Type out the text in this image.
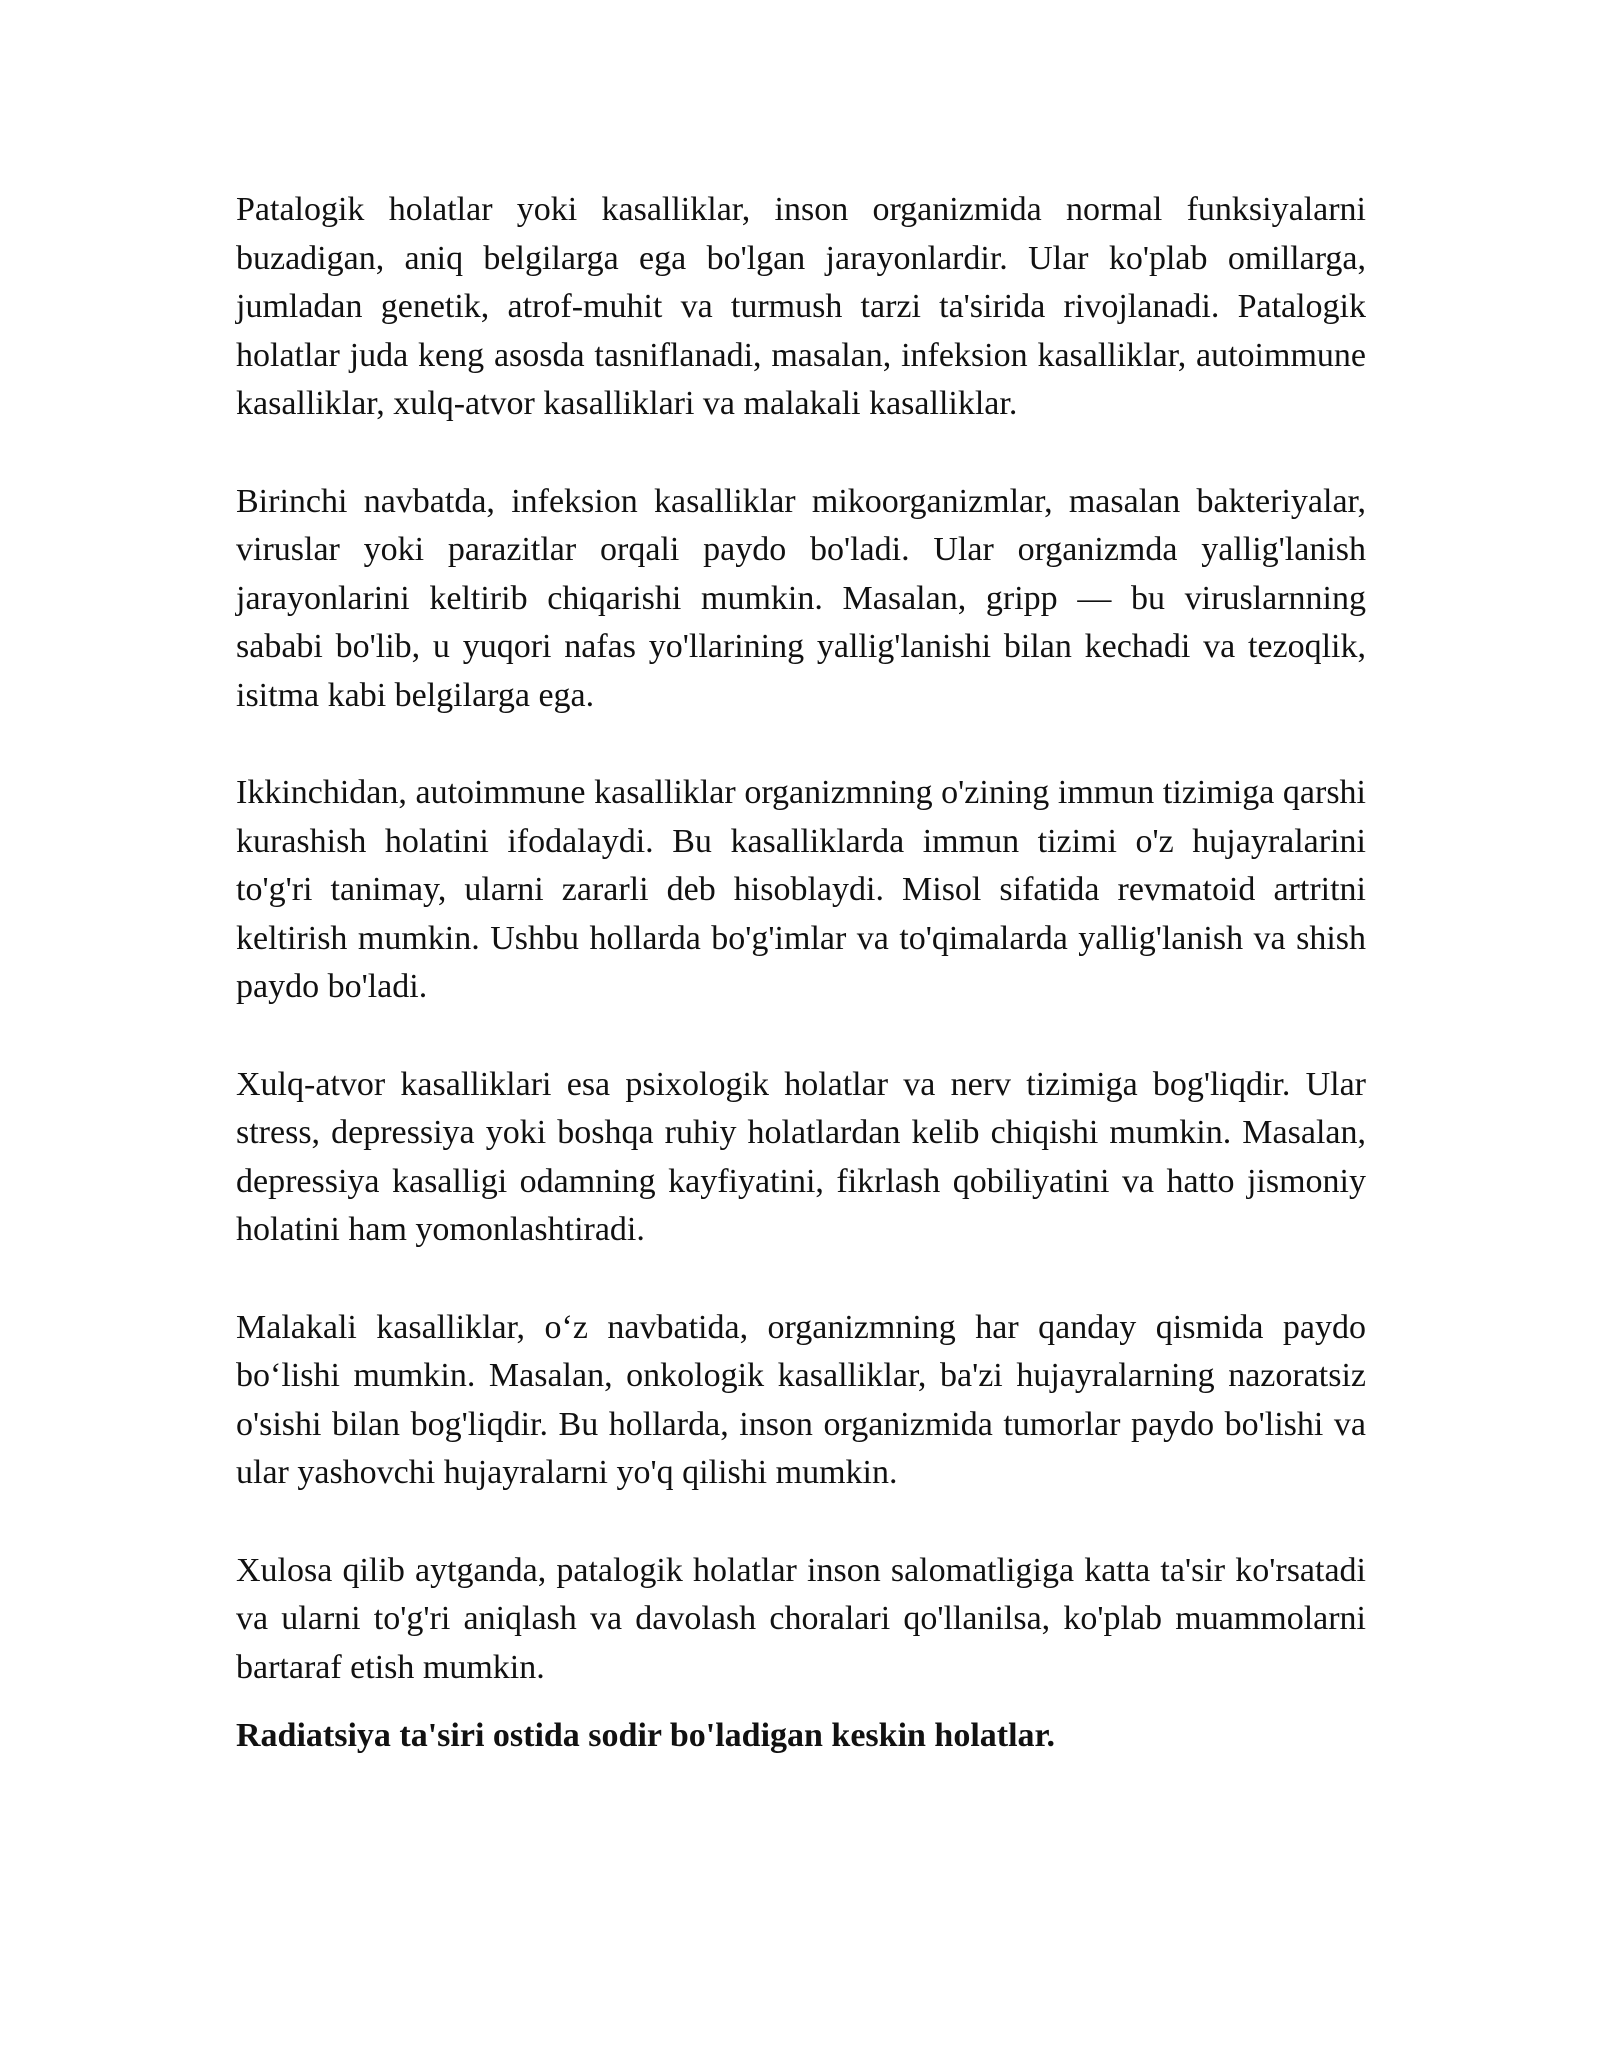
Patalogik holatlar yoki kasalliklar, inson organizmida normal funksiyalarni buzadigan, aniq belgilarga ega bo'lgan jarayonlardir. Ular ko'plab omillarga, jumladan genetik, atrof-muhit va turmush tarzi ta'sirida rivojlanadi. Patalogik holatlar juda keng asosda tasniflanadi, masalan, infeksion kasalliklar, autoimmune kasalliklar, xulq-atvor kasalliklari va malakali kasalliklar.

Birinchi navbatda, infeksion kasalliklar mikoorganizmlar, masalan bakteriyalar, viruslar yoki parazitlar orqali paydo bo'ladi. Ular organizmda yallig'lanish jarayonlarini keltirib chiqarishi mumkin. Masalan, gripp — bu viruslarnning sababi bo'lib, u yuqori nafas yo'llarining yallig'lanishi bilan kechadi va tezoqlik, isitma kabi belgilarga ega.

Ikkinchidan, autoimmune kasalliklar organizmning o'zining immun tizimiga qarshi kurashish holatini ifodalaydi. Bu kasalliklarda immun tizimi o'z hujayralarini to'g'ri tanimay, ularni zararli deb hisoblaydi. Misol sifatida revmatoid artritni keltirish mumkin. Ushbu hollarda bo'g'imlar va to'qimalarda yallig'lanish va shish paydo bo'ladi.

Xulq-atvor kasalliklari esa psixologik holatlar va nerv tizimiga bog'liqdir. Ular stress, depressiya yoki boshqa ruhiy holatlardan kelib chiqishi mumkin. Masalan, depressiya kasalligi odamning kayfiyatini, fikrlash qobiliyatini va hatto jismoniy holatini ham yomonlashtiradi.

Malakali kasalliklar, oʻz navbatida, organizmning har qanday qismida paydo boʻlishi mumkin. Masalan, onkologik kasalliklar, ba'zi hujayralarning nazoratsiz o'sishi bilan bog'liqdir. Bu hollarda, inson organizmida tumorlar paydo bo'lishi va ular yashovchi hujayralarni yo'q qilishi mumkin.

Xulosa qilib aytganda, patalogik holatlar inson salomatligiga katta ta'sir ko'rsatadi va ularni to'g'ri aniqlash va davolash choralari qo'llanilsa, ko'plab muammolarni bartaraf etish mumkin.

Radiatsiya ta'siri ostida sodir bo'ladigan keskin holatlar.
